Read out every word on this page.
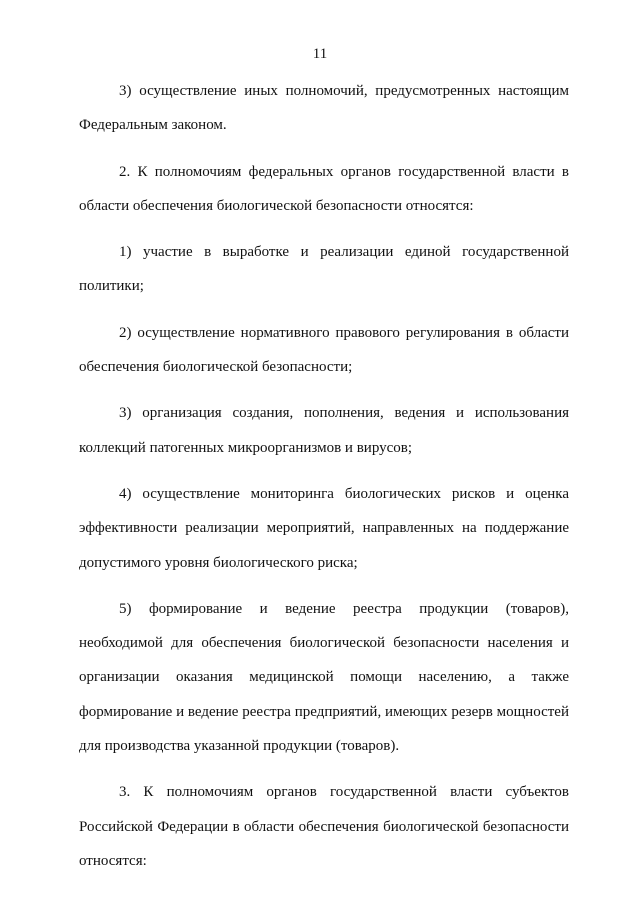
11

3) осуществление иных полномочий, предусмотренных настоящим Федеральным законом.

2. К полномочиям федеральных органов государственной власти в области обеспечения биологической безопасности относятся:

1) участие в выработке и реализации единой государственной политики;

2) осуществление нормативного правового регулирования в области обеспечения биологической безопасности;

3) организация создания, пополнения, ведения и использования коллекций патогенных микроорганизмов и вирусов;

4) осуществление мониторинга биологических рисков и оценка эффективности реализации мероприятий, направленных на поддержание допустимого уровня биологического риска;

5) формирование и ведение реестра продукции (товаров), необходимой для обеспечения биологической безопасности населения и организации оказания медицинской помощи населению, а также формирование и ведение реестра предприятий, имеющих резерв мощностей для производства указанной продукции (товаров).

3. К полномочиям органов государственной власти субъектов Российской Федерации в области обеспечения биологической безопасности относятся:
